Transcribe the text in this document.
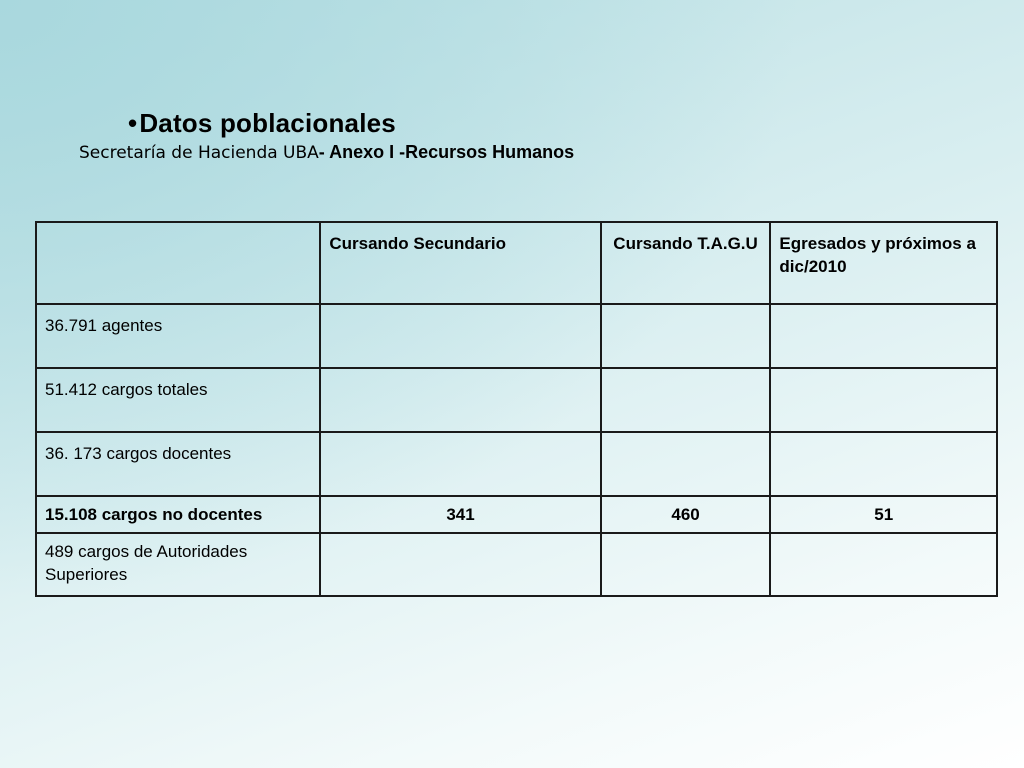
•Datos poblacionales
Secretaría de Hacienda UBA- Anexo I -Recursos Humanos
	Cursando Secundario	Cursando T.A.G.U	Egresados y próximos a dic/2010
36.791 agentes			
51.412 cargos totales			
36. 173 cargos docentes			
15.108 cargos no docentes	341	460	51
489 cargos de Autoridades Superiores			
